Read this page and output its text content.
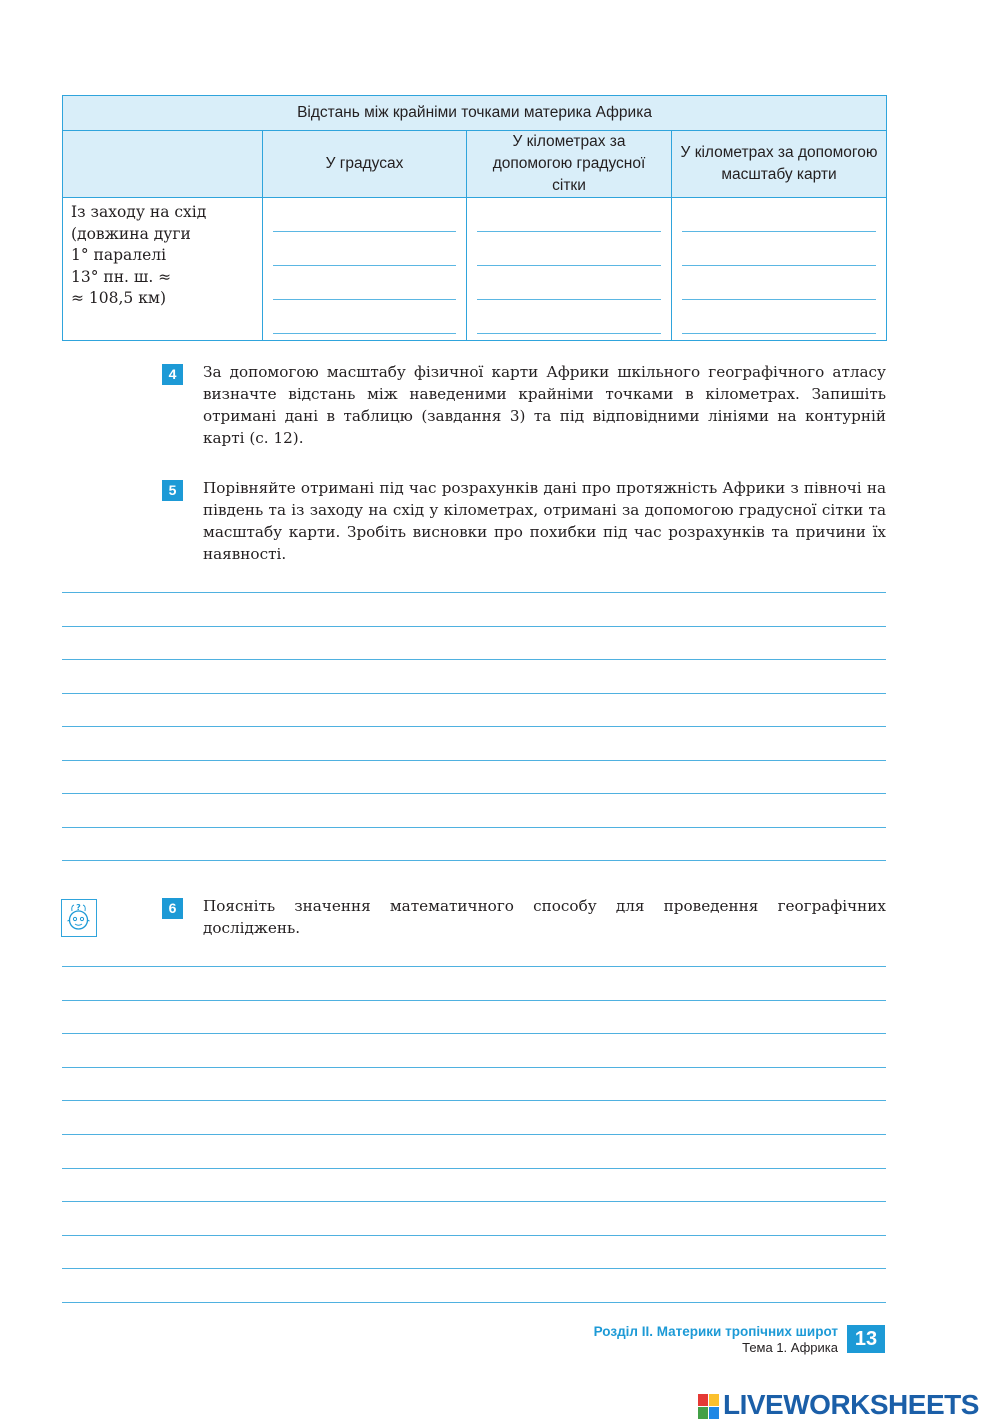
Відстань між крайніми точками материка Африка			
	У градусах	У кілометрах за допомогою градусної сітки	У кілометрах за допомогою масштабу карти

Із заходу на схід
(довжина дуги
1° паралелі
13° пн. ш. ≈
≈ 108,5 км)			

4	За допомогою масштабу фізичної карти Африки шкільного географічного атласу визначте відстань між наведеними крайніми точками в кілометрах. Запишіть отримані дані в таблицю (завдання 3) та під відповідними лініями на контурній карті (с. 12).
5	Порівняйте отримані під час розрахунків дані про протяжність Африки з півночі на південь та із заходу на схід у кілометрах, отримані за допомогою градусної сітки та масштабу карти. Зробіть висновки про похибки під час розрахунків та причини їх наявності.
?	6	Поясніть значення математичного способу для проведення географічних досліджень.
Розділ ІІ. Материки тропічних широт
Тема 1. Африка 13
LIVEWORKSHEETS
